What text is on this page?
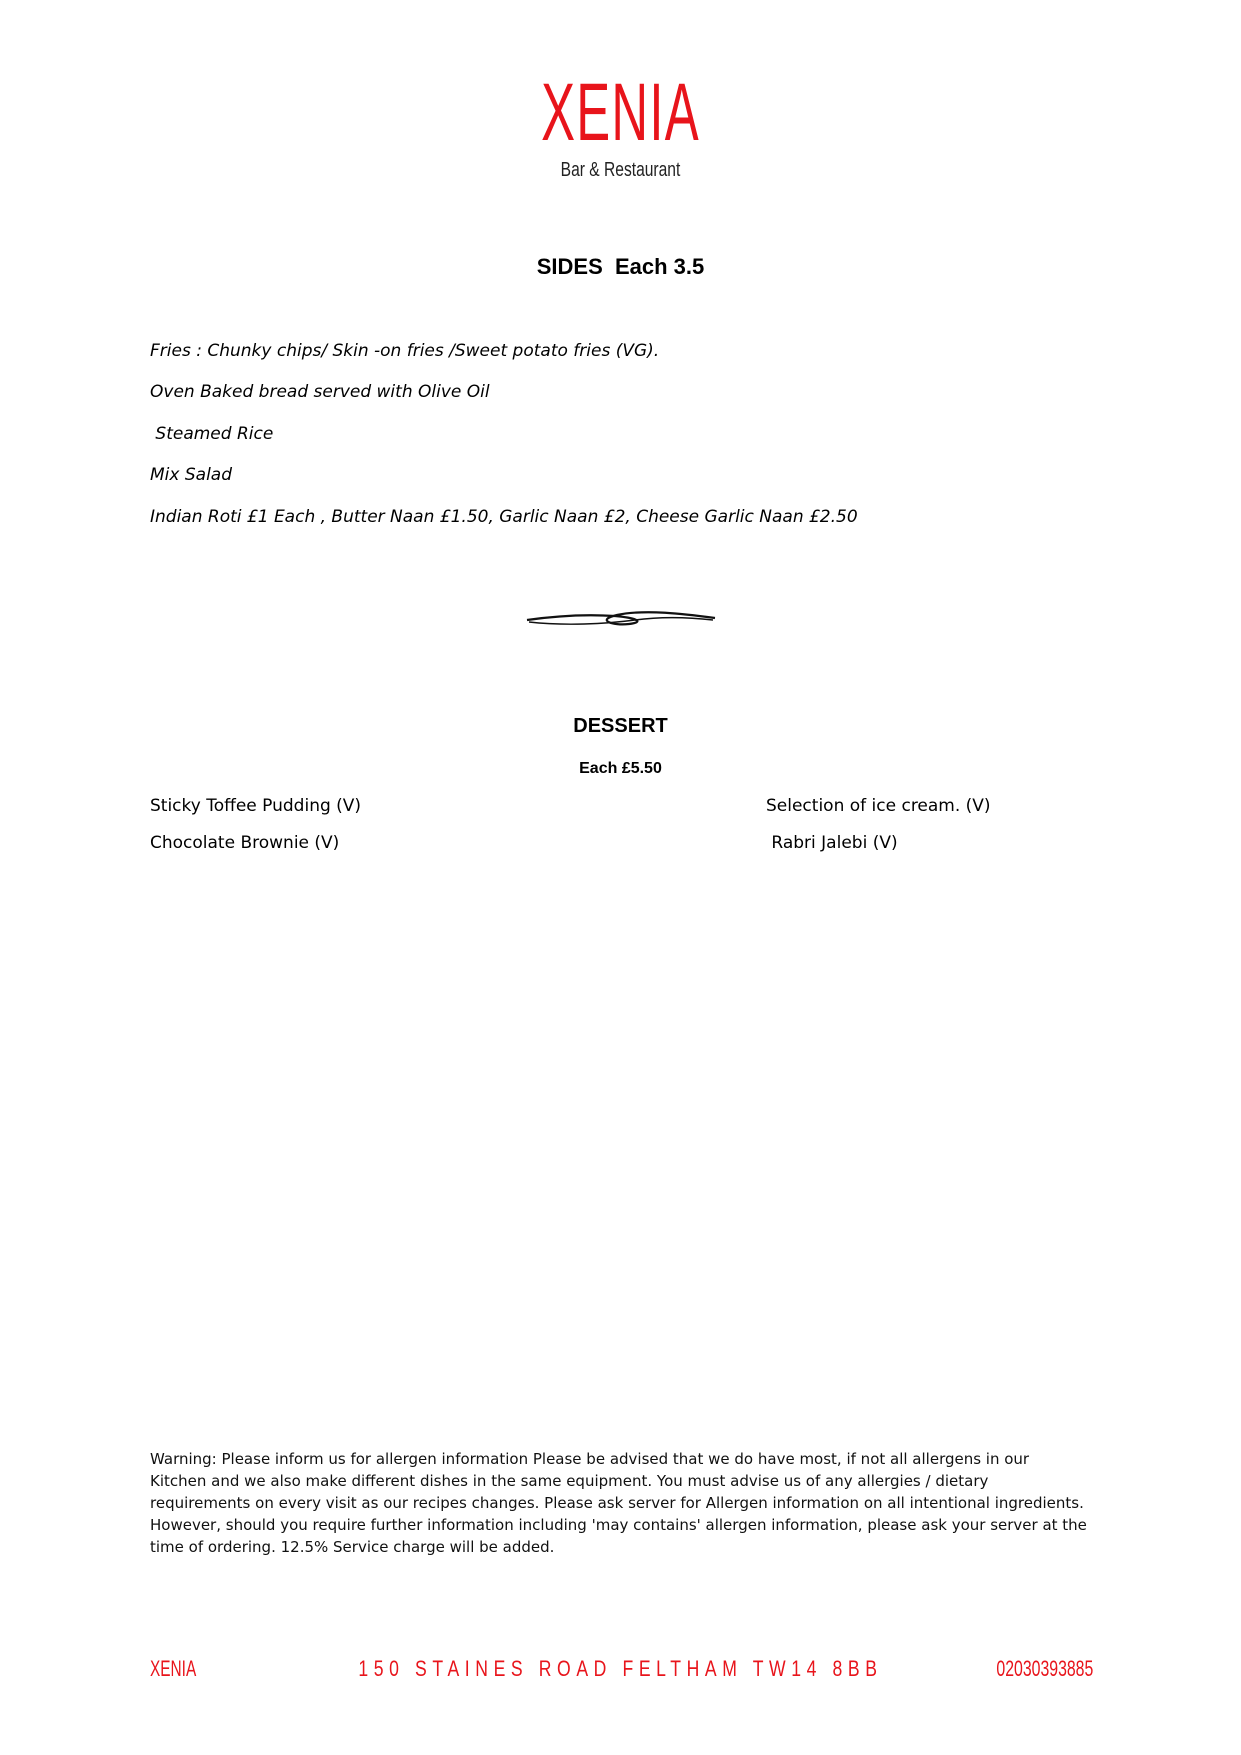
XENIA
Bar & Restaurant
SIDES  Each 3.5
Fries : Chunky chips/ Skin -on fries /Sweet potato fries (VG).
Oven Baked bread served with Olive Oil
Steamed Rice
Mix Salad
Indian Roti £1 Each , Butter Naan £1.50, Garlic Naan £2, Cheese Garlic Naan £2.50
DESSERT
Each £5.50
Sticky Toffee Pudding (V)
Chocolate Brownie (V)
Selection of ice cream. (V)
Rabri Jalebi (V)
Warning: Please inform us for allergen information Please be advised that we do have most, if not all allergens in our Kitchen and we also make different dishes in the same equipment. You must advise us of any allergies / dietary requirements on every visit as our recipes changes. Please ask server for Allergen information on all intentional ingredients. However, should you require further information including 'may contains' allergen information, please ask your server at the time of ordering. 12.5% Service charge will be added.
XENIA	150 STAINES ROAD FELTHAM TW14 8BB	02030393885
